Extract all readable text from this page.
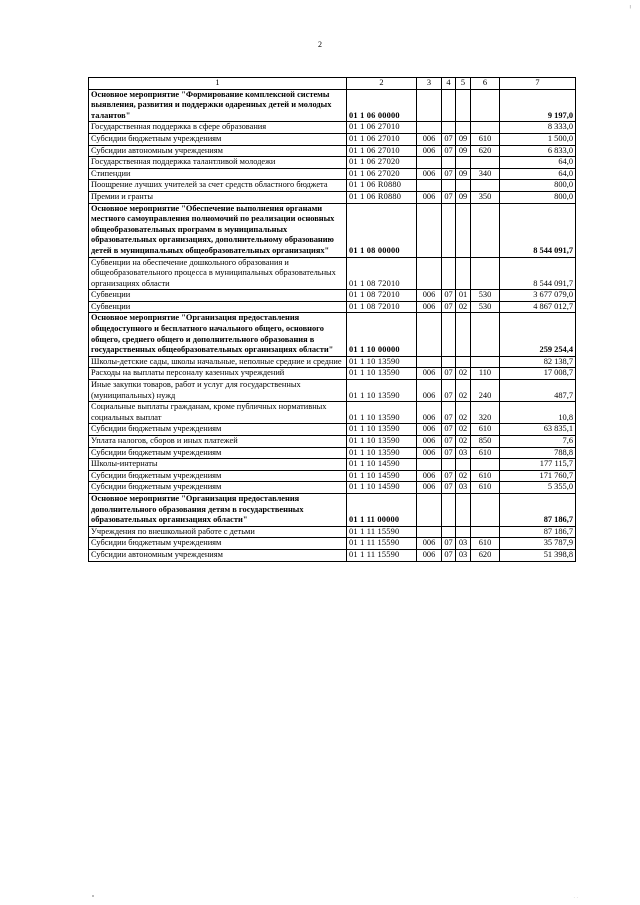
╷
2
1	2	3	4	5	6	7
Основное мероприятие "Формирование комплексной системы выявления, развития и поддержки одаренных детей и молодых талантов"	01 1 06 00000					9 197,0
Государственная поддержка в сфере образования	01 1 06 27010					8 333,0
Субсидии бюджетным учреждениям	01 1 06 27010	006	07	09	610	1 500,0
Субсидии автономным учреждениям	01 1 06 27010	006	07	09	620	6 833,0
Государственная поддержка талантливой молодежи	01 1 06 27020					64,0
Стипендии	01 1 06 27020	006	07	09	340	64,0
Поощрение лучших учителей за счет средств областного бюджета	01 1 06 R0880					800,0
Премии и гранты	01 1 06 R0880	006	07	09	350	800,0
Основное мероприятие "Обеспечение выполнения органами местного самоуправления полномочий по реализации основных общеобразовательных программ в муниципальных образовательных организациях, дополнительному образованию детей в муниципальных общеобразовательных организациях"	01 1 08 00000					8 544 091,7
Субвенции на обеспечение дошкольного образования и общеобразовательного процесса в муниципальных образовательных организациях области	01 1 08 72010					8 544 091,7
Субвенции	01 1 08 72010	006	07	01	530	3 677 079,0
Субвенции	01 1 08 72010	006	07	02	530	4 867 012,7
Основное мероприятие "Организация предоставления общедоступного и бесплатного начального общего, основного общего, среднего общего и дополнительного образования в государственных общеобразовательных организациях области"	01 1 10 00000					259 254,4
Школы-детские сады, школы начальные, неполные средние и средние	01 1 10 13590					82 138,7
Расходы на выплаты персоналу казенных учреждений	01 1 10 13590	006	07	02	110	17 008,7
Иные закупки товаров, работ и услуг для государственных (муниципальных) нужд	01 1 10 13590	006	07	02	240	487,7
Социальные выплаты гражданам, кроме публичных нормативных социальных выплат	01 1 10 13590	006	07	02	320	10,8
Субсидии бюджетным учреждениям	01 1 10 13590	006	07	02	610	63 835,1
Уплата налогов, сборов и иных платежей	01 1 10 13590	006	07	02	850	7,6
Субсидии бюджетным учреждениям	01 1 10 13590	006	07	03	610	788,8
Школы-интернаты	01 1 10 14590					177 115,7
Субсидии бюджетным учреждениям	01 1 10 14590	006	07	02	610	171 760,7
Субсидии бюджетным учреждениям	01 1 10 14590	006	07	03	610	5 355,0
Основное мероприятие "Организация предоставления дополнительного образования детям в государственных образовательных организациях области"	01 1 11 00000					87 186,7
Учреждения по внешкольной работе с детьми	01 1 11 15590					87 186,7
Субсидии бюджетным учреждениям	01 1 11 15590	006	07	03	610	35 787,9
Субсидии автономным учреждениям	01 1 11 15590	006	07	03	620	51 398,8
· ·
